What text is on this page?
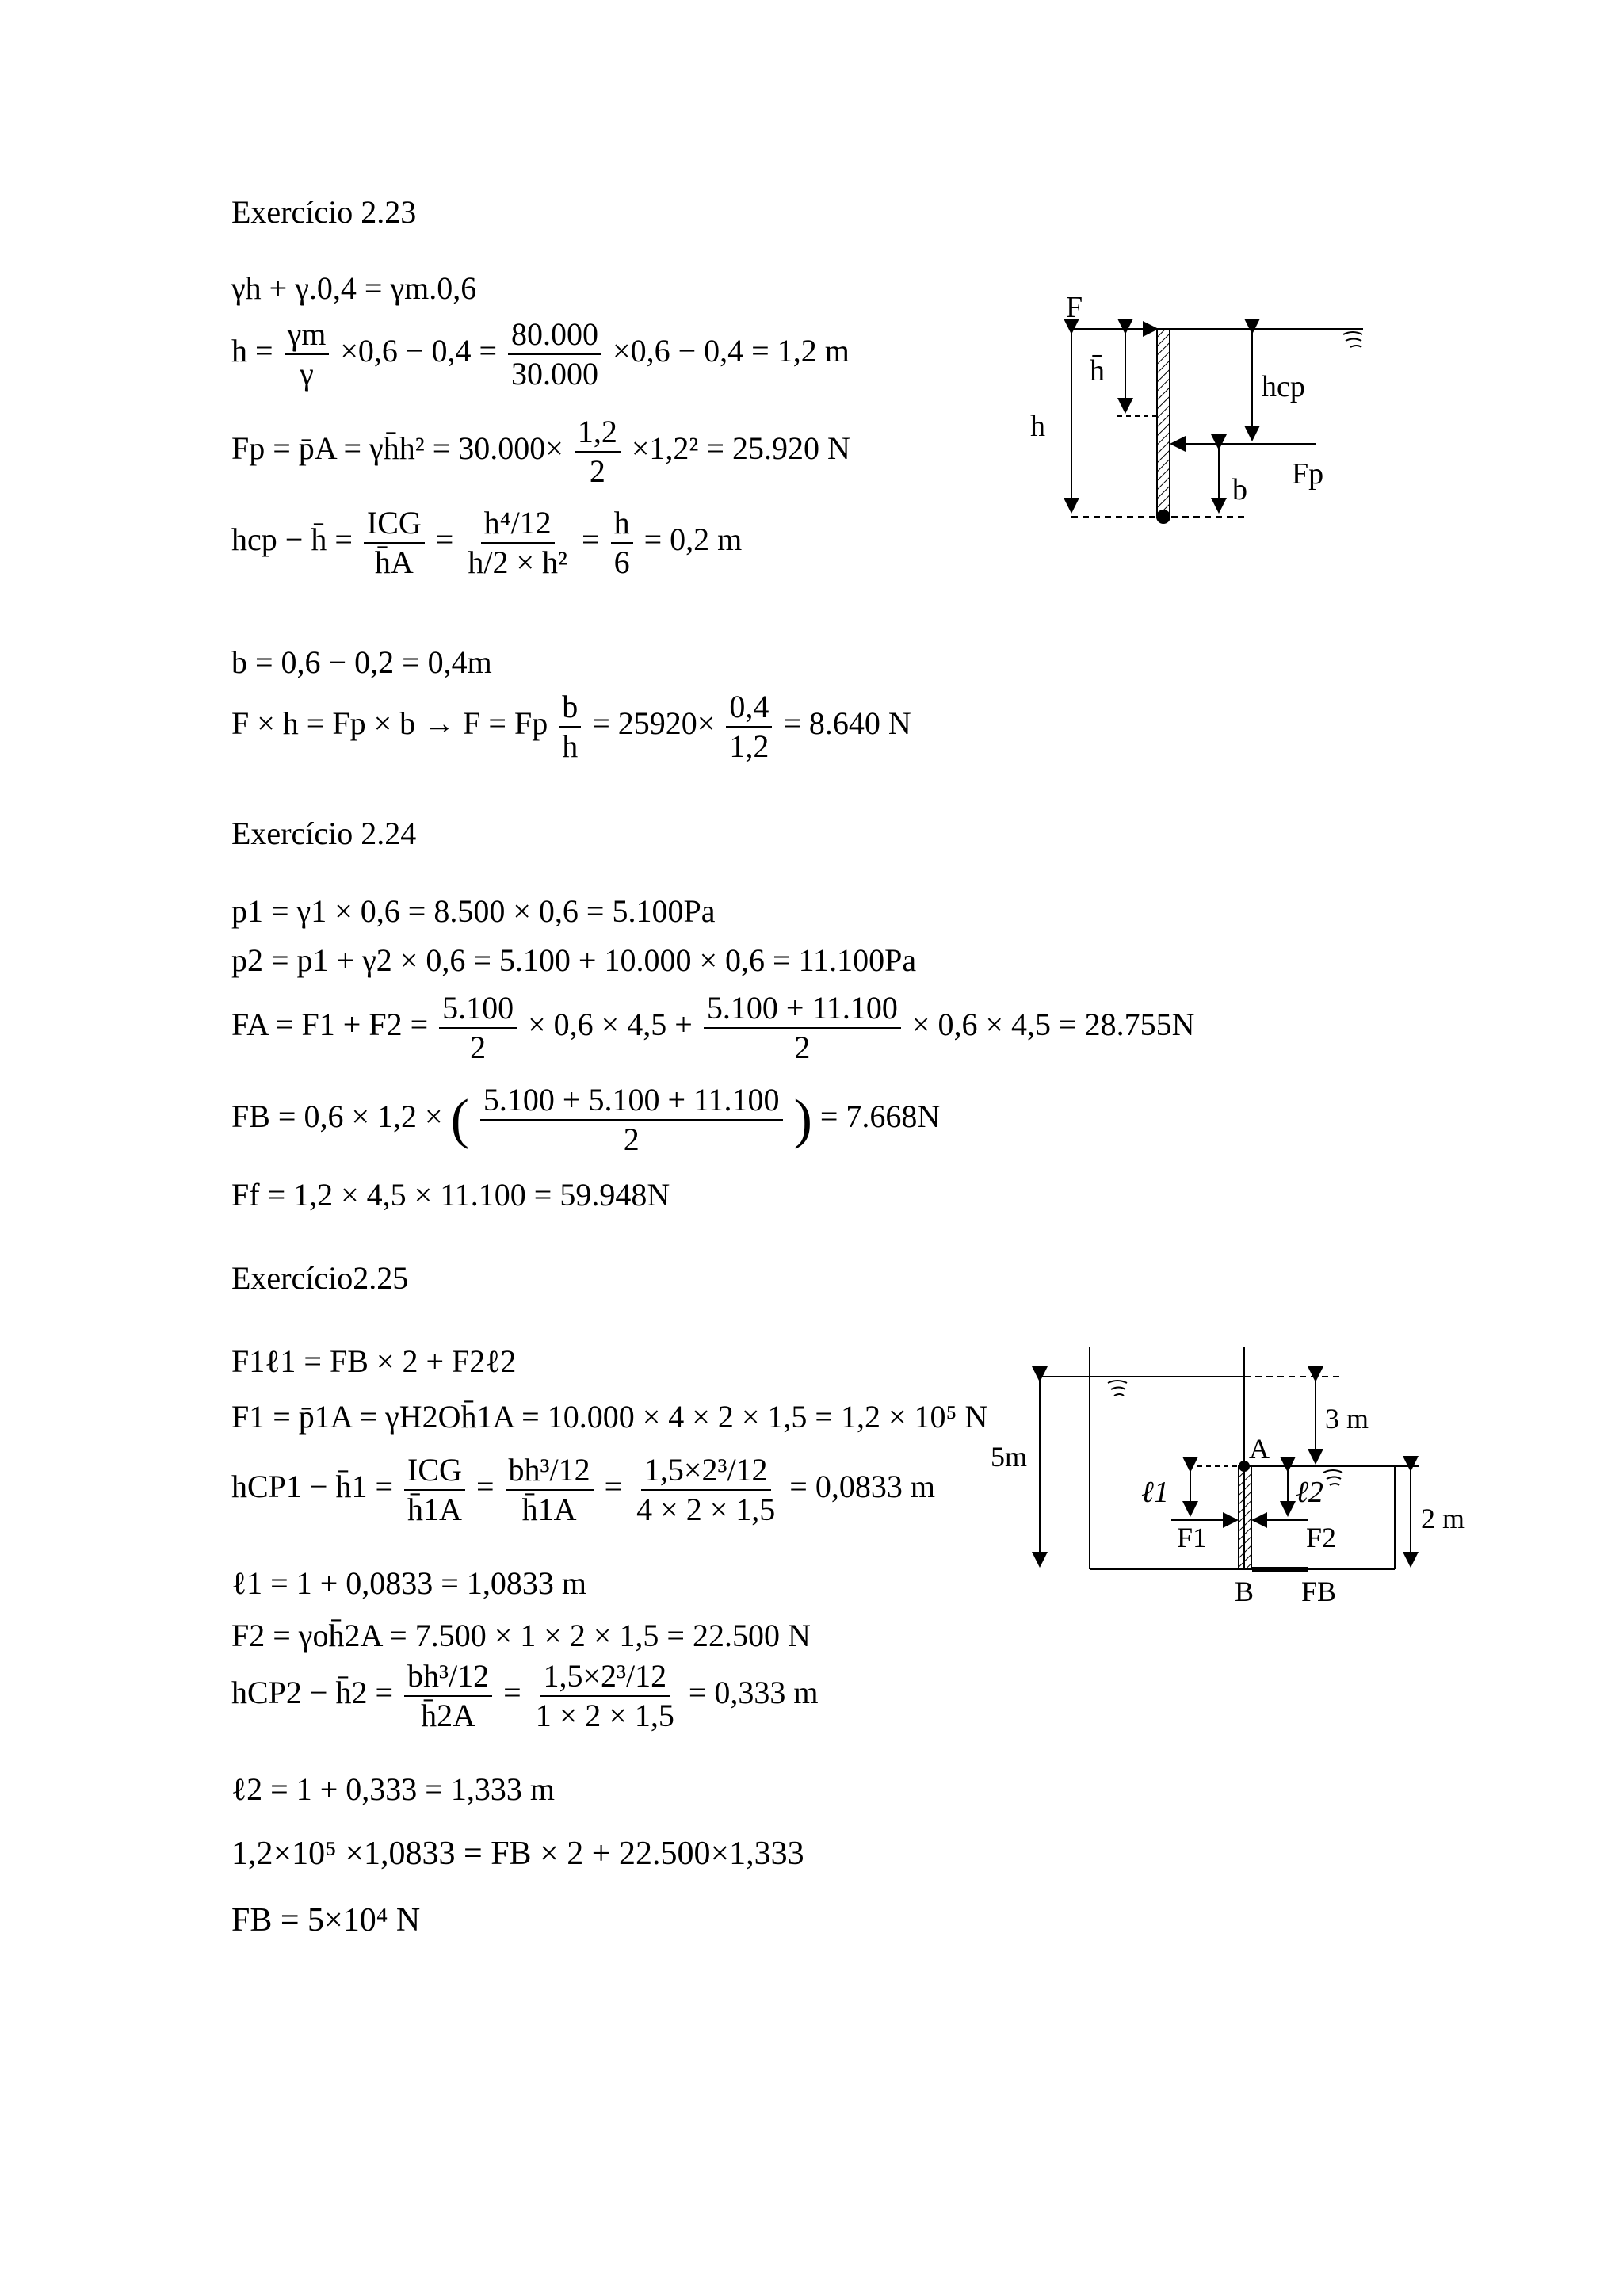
Exercício 2.23
γh + γ.0,4 = γm.0,6
$h = \frac{\gamma m}{\gamma} \times 0,6 - 0,4 = \frac{80.000}{30.000} \times 0,6 - 0,4 = 1,2$ m
Fp = p̄A = γh̄h² = $30.000\times \frac{1,2}{2} \times 1,2^2 = 25.920$ N
hcp − h̄ = $\frac{\text{ICG}}{h̄A} = \frac{\text{h⁴/12}}{\text{h/2 × h²}} = \frac{h}{6} = 0,2$ m
b = 0,6 − 0,2 = 0,4m
F × h = Fp × b → F = Fp $\frac{b}{h} = 25920\times \frac{0,4}{1,2} = 8.640$ N
F
h
h̄	hcp
Fp
b
Exercício 2.24
p1 = γ1 × 0,6 = 8.500 × 0,6 = 5.100Pa
p2 = p1 + γ2 × 0,6 = 5.100 + 10.000 × 0,6 = 11.100Pa
FA = $F1 + F2 = \frac{5.100}{2} \times 0,6 \times 4,5 + \frac{5.100 + 11.100}{2} \times 0,6 \times 4,5 = 28.755N$
FB = 0,6 × 1,2 × ( $\frac{5.100 + 5.100 + 11.100}{2}$ ) = 7.668N
Ff = 1,2 × 4,5 × 11.100 = 59.948N
Exercício2.25
F1ℓ1 = FB × 2 + F2ℓ2
F1 = p̄1A = γH2Oh̄1A = 10.000 × 4 × 2 × 1,5 = 1,2 × 10⁵ N
hCP1 − h̄1 = $\frac{\text{ICG}}{h̄1A} = \frac{\text{bh³/12}}{h̄1A} = \frac{\text{1,5×2³/12}}{4 \times 2 \times 1,5} = 0,0833$ m
ℓ1 = 1 + 0,0833 = 1,0833 m
F2 = γoh̄2A = 7.500 × 1 × 2 × 1,5 = 22.500 N
hCP2 − h̄2 = $\frac{\text{bh³/12}}{h̄2A} = \frac{\text{1,5×2³/12}}{1 \times 2 \times 1,5} = 0,333$ m
ℓ2 = 1 + 0,333 = 1,333 m
1,2×10⁵ ×1,0833 = FB × 2 + 22.500×1,333
FB = 5×10⁴ N
5m
3 m
2 m
A
B
ℓ1	ℓ2
F1	F2
FB
